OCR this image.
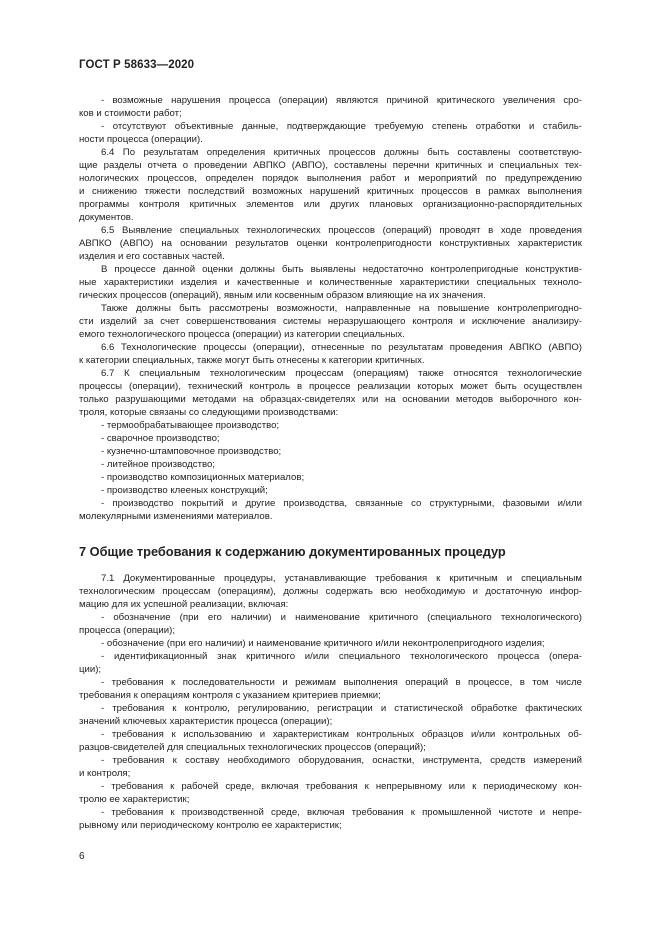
ГОСТ Р 58633—2020
- возможные нарушения процесса (операции) являются причиной критического увеличения сро-
ков и стоимости работ;
- отсутствуют объективные данные, подтверждающие требуемую степень отработки и стабиль-
ности процесса (операции).
6.4 По результатам определения критичных процессов должны быть составлены соответствую-
щие разделы отчета о проведении АВПКО (АВПО), составлены перечни критичных и специальных тех-
нологических процессов, определен порядок выполнения работ и мероприятий по предупреждению
и снижению тяжести последствий возможных нарушений критичных процессов в рамках выполнения
программы контроля критичных элементов или других плановых организационно-распорядительных
документов.
6.5 Выявление специальных технологических процессов (операций) проводят в ходе проведения
АВПКО (АВПО) на основании результатов оценки контролепригодности конструктивных характеристик
изделия и его составных частей.
В процессе данной оценки должны быть выявлены недостаточно контролепригодные конструктив-
ные характеристики изделия и качественные и количественные характеристики специальных техноло-
гических процессов (операций), явным или косвенным образом влияющие на их значения.
Также должны быть рассмотрены возможности, направленные на повышение контролепригодно-
сти изделий за счет совершенствования системы неразрушающего контроля и исключение анализиру-
емого технологического процесса (операции) из категории специальных.
6.6 Технологические процессы (операции), отнесенные по результатам проведения АВПКО (АВПО)
к категории специальных, также могут быть отнесены к категории критичных.
6.7 К специальным технологическим процессам (операциям) также относятся технологические
процессы (операции), технический контроль в процессе реализации которых может быть осуществлен
только разрушающими методами на образцах-свидетелях или на основании методов выборочного кон-
троля, которые связаны со следующими производствами:
- термообрабатывающее производство;
- сварочное производство;
- кузнечно-штамповочное производство;
- литейное производство;
- производство композиционных материалов;
- производство клееных конструкций;
- производство покрытий и другие производства, связанные со структурными, фазовыми и/или
молекулярными изменениями материалов.
7 Общие требования к содержанию документированных процедур
7.1 Документированные процедуры, устанавливающие требования к критичным и специальным
технологическим процессам (операциям), должны содержать всю необходимую и достаточную инфор-
мацию для их успешной реализации, включая:
- обозначение (при его наличии) и наименование критичного (специального технологического)
процесса (операции);
- обозначение (при его наличии) и наименование критичного и/или неконтролепригодного изделия;
- идентификационный знак критичного и/или специального технологического процесса (опера-
ции);
- требования к последовательности и режимам выполнения операций в процессе, в том числе
требования к операциям контроля с указанием критериев приемки;
- требования к контролю, регулированию, регистрации и статистической обработке фактических
значений ключевых характеристик процесса (операции);
- требования к использованию и характеристикам контрольных образцов и/или контрольных об-
разцов-свидетелей для специальных технологических процессов (операций);
- требования к составу необходимого оборудования, оснастки, инструмента, средств измерений
и контроля;
- требования к рабочей среде, включая требования к непрерывному или к периодическому кон-
тролю ее характеристик;
- требования к производственной среде, включая требования к промышленной чистоте и непре-
рывному или периодическому контролю ее характеристик;
6
